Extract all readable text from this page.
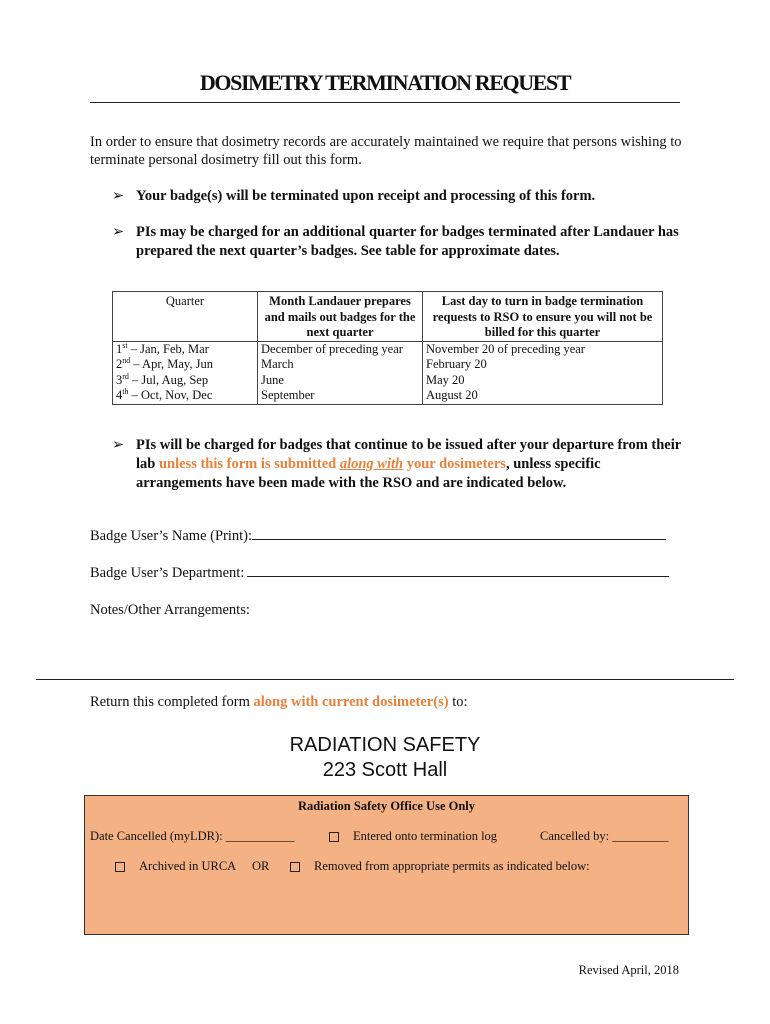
DOSIMETRY TERMINATION REQUEST
In order to ensure that dosimetry records are accurately maintained we require that persons wishing to terminate personal dosimetry fill out this form.
➢ Your badge(s) will be terminated upon receipt and processing of this form.
➢ PIs may be charged for an additional quarter for badges terminated after Landauer has prepared the next quarter’s badges. See table for approximate dates.
Quarter	Month Landauer prepares and mails out badges for the next quarter	Last day to turn in badge termination requests to RSO to ensure you will not be billed for this quarter
1st – Jan, Feb, Mar	December of preceding year	November 20 of preceding year
2nd – Apr, May, Jun	March	February 20
3rd – Jul, Aug, Sep	June	May 20
4th – Oct, Nov, Dec	September	August 20
➢ PIs will be charged for badges that continue to be issued after your departure from their lab unless this form is submitted along with your dosimeters, unless specific arrangements have been made with the RSO and are indicated below.
Badge User’s Name (Print):
Badge User’s Department:
Notes/Other Arrangements:
Return this completed form along with current dosimeter(s) to:
RADIATION SAFETY
223 Scott Hall
Radiation Safety Office Use Only
Date Cancelled (myLDR): ___________	Entered onto termination log	Cancelled by: _________
Archived in URCA OR	Removed from appropriate permits as indicated below:
Revised April, 2018
